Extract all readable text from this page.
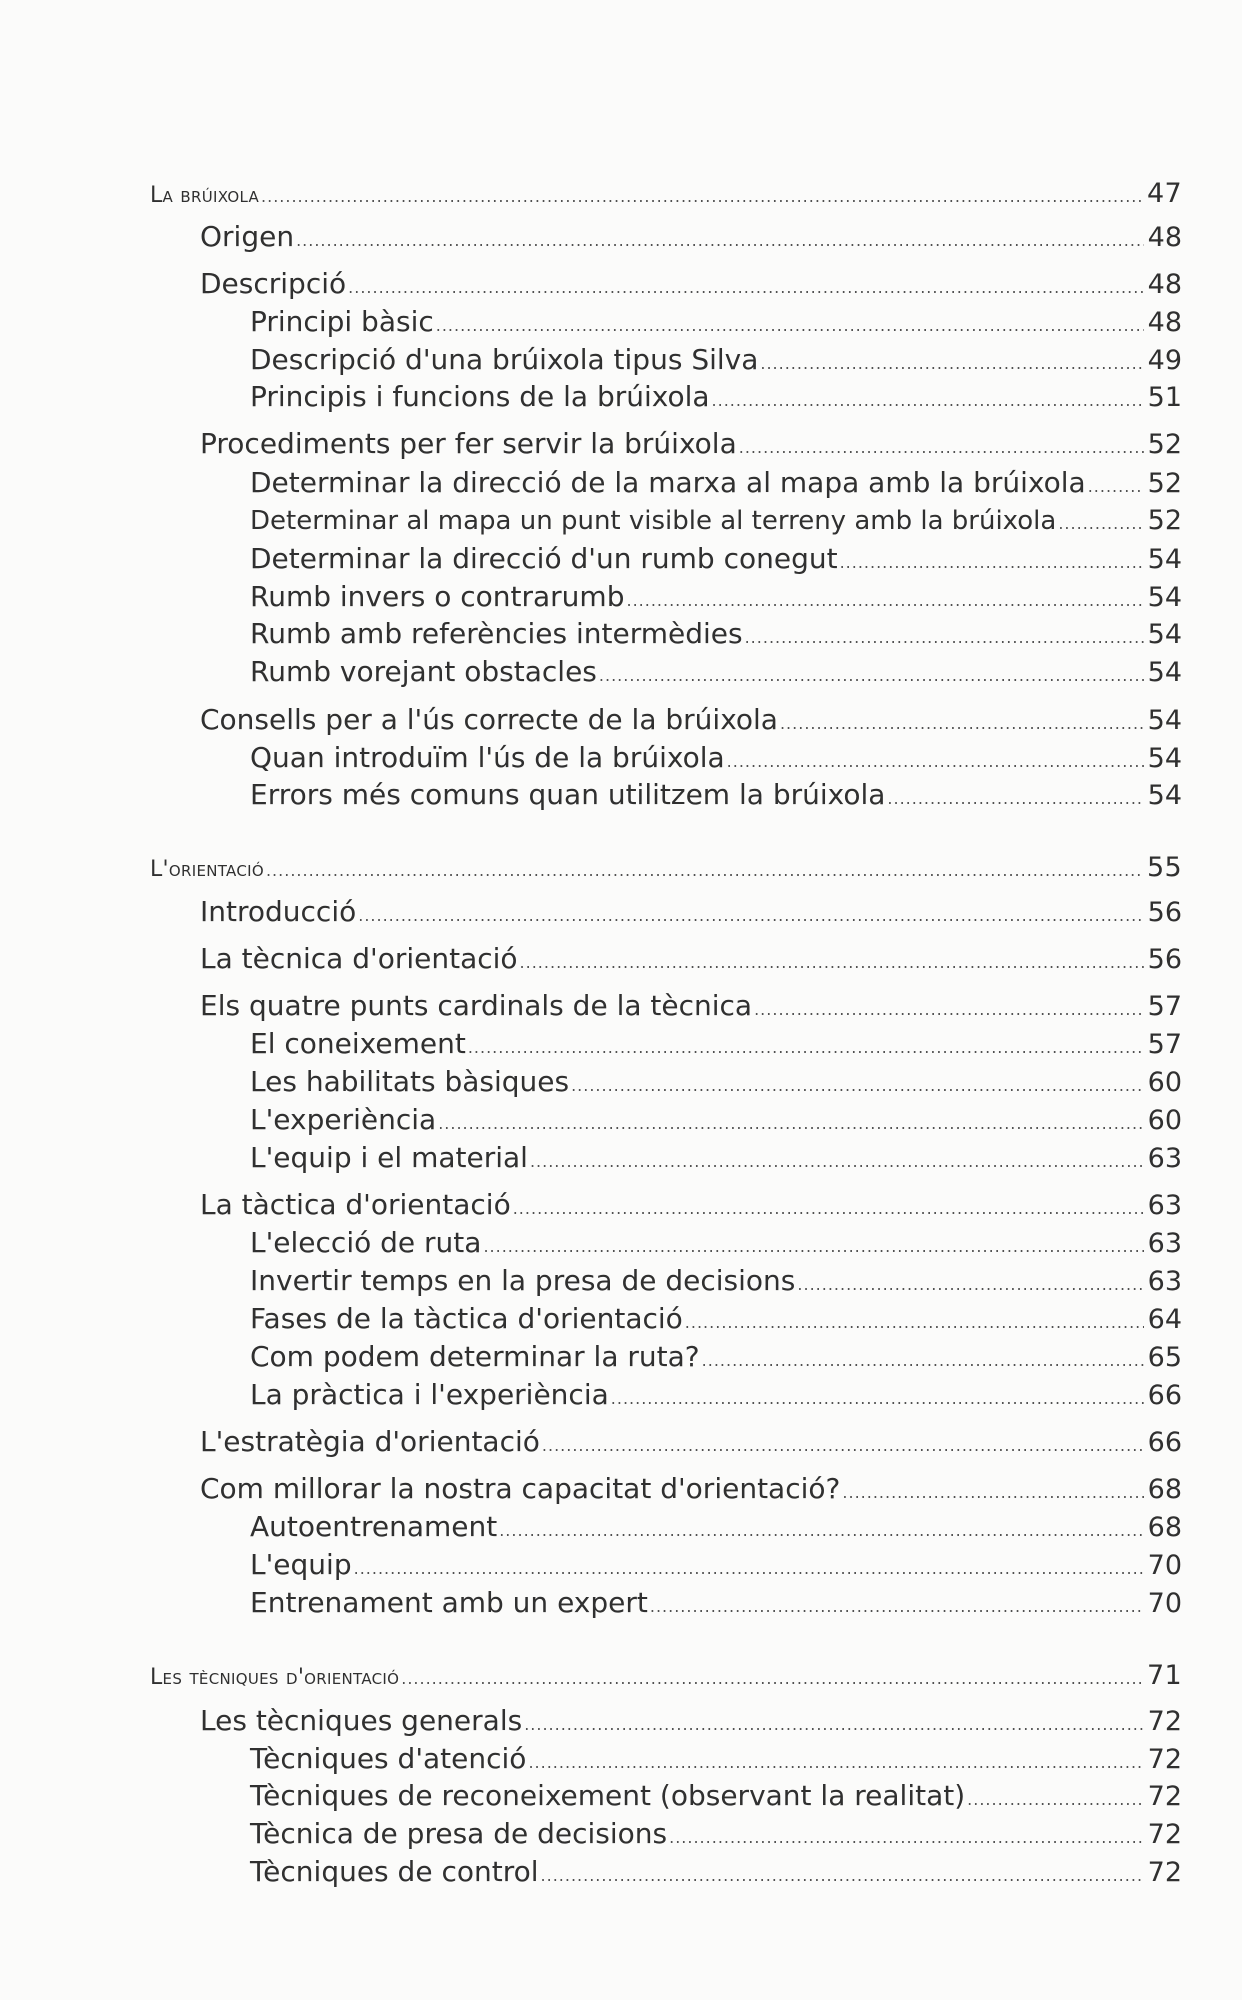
La brúixola .....	47
Origen .....	48
Descripció .....	48
Principi bàsic .....	48
Descripció d'una brúixola tipus Silva .....	49
Principis i funcions de la brúixola .....	51
Procediments per fer servir la brúixola .....	52
Determinar la direcció de la marxa al mapa amb la brúixola ..... 52
Determinar al mapa un punt visible al terreny amb la brúixola .....	52
Determinar la direcció d'un rumb conegut .....	54
Rumb invers o contrarumb .....	54
Rumb amb referències intermèdies .....	54
Rumb vorejant obstacles .....	54
Consells per a l'ús correcte de la brúixola .....	54
Quan introduïm l'ús de la brúixola .....	54
Errors més comuns quan utilitzem la brúixola .....	54
L'orientació .....	55
Introducció .....	56
La tècnica d'orientació .....	56
Els quatre punts cardinals de la tècnica .....	57
El coneixement .....	57
Les habilitats bàsiques .....	60
L'experiència .....	60
L'equip i el material .....	63
La tàctica d'orientació .....	63
L'elecció de ruta .....	63
Invertir temps en la presa de decisions .....	63
Fases de la tàctica d'orientació .....	64
Com podem determinar la ruta? .....	65
La pràctica i l'experiència .....	66
L'estratègia d'orientació .....	66
Com millorar la nostra capacitat d'orientació? .....	68
Autoentrenament .....	68
L'equip .....	70
Entrenament amb un expert .....	70
Les tècniques d'orientació .....	71
Les tècniques generals .....	72
Tècniques d'atenció .....	72
Tècniques de reconeixement (observant la realitat) .....	72
Tècnica de presa de decisions .....	72
Tècniques de control .....	72
